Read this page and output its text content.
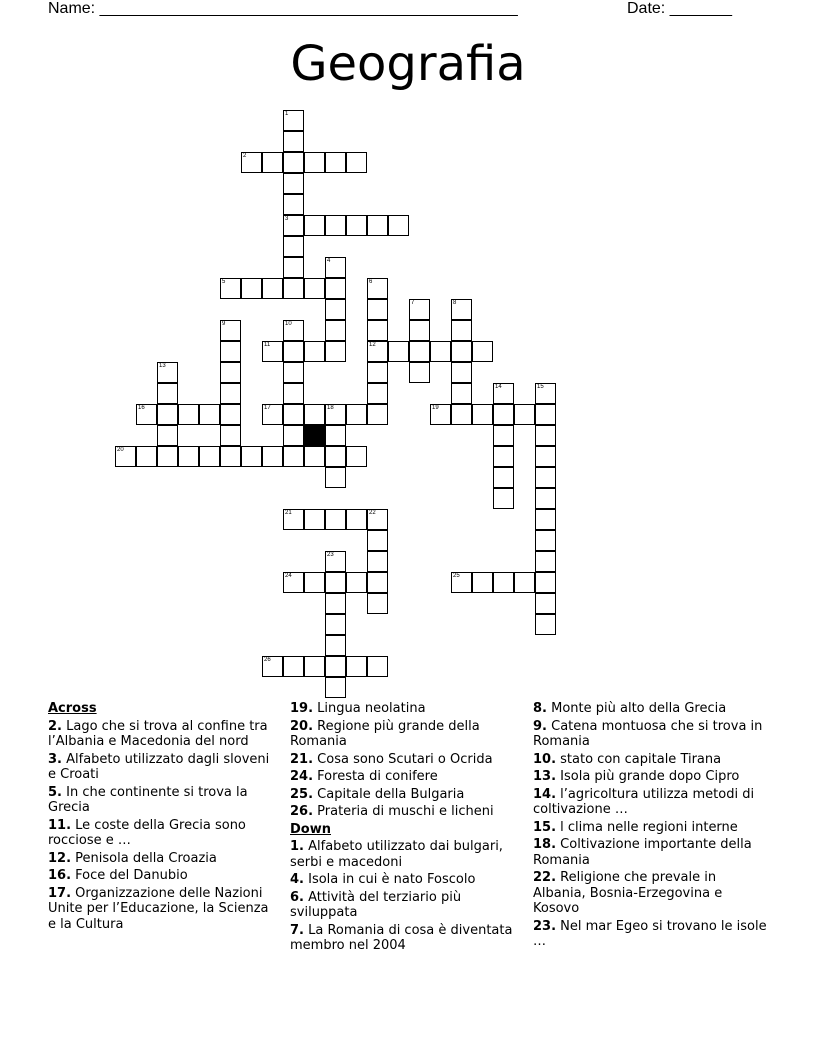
Name: _______________________________________________	Date: _______
Geografia
1
2
3
4
5	6
7	8
9	10
11	12
13
14	15
16	17	18	19
20
21	22
23
24	25
26
Across
2. Lago che si trova al confine tra l’Albania e Macedonia del nord
3. Alfabeto utilizzato dagli sloveni e Croati
5. In che continente si trova la Grecia
11. Le coste della Grecia sono rocciose e …
12. Penisola della Croazia
16. Foce del Danubio
17. Organizzazione delle Nazioni Unite per l’Educazione, la Scienza e la Cultura
19. Lingua neolatina
20. Regione più grande della Romania
21. Cosa sono Scutari o Ocrida
24. Foresta di conifere
25. Capitale della Bulgaria
26. Prateria di muschi e licheni
Down
1. Alfabeto utilizzato dai bulgari, serbi e macedoni
4. Isola in cui è nato Foscolo
6. Attività del terziario più sviluppata
7. La Romania di cosa è diventata membro nel 2004
8. Monte più alto della Grecia
9. Catena montuosa che si trova in Romania
10. stato con capitale Tirana
13. Isola più grande dopo Cipro
14. l’agricoltura utilizza metodi di coltivazione …
15. l clima nelle regioni interne
18. Coltivazione importante della Romania
22. Religione che prevale in Albania, Bosnia-Erzegovina e Kosovo
23. Nel mar Egeo si trovano le isole …
